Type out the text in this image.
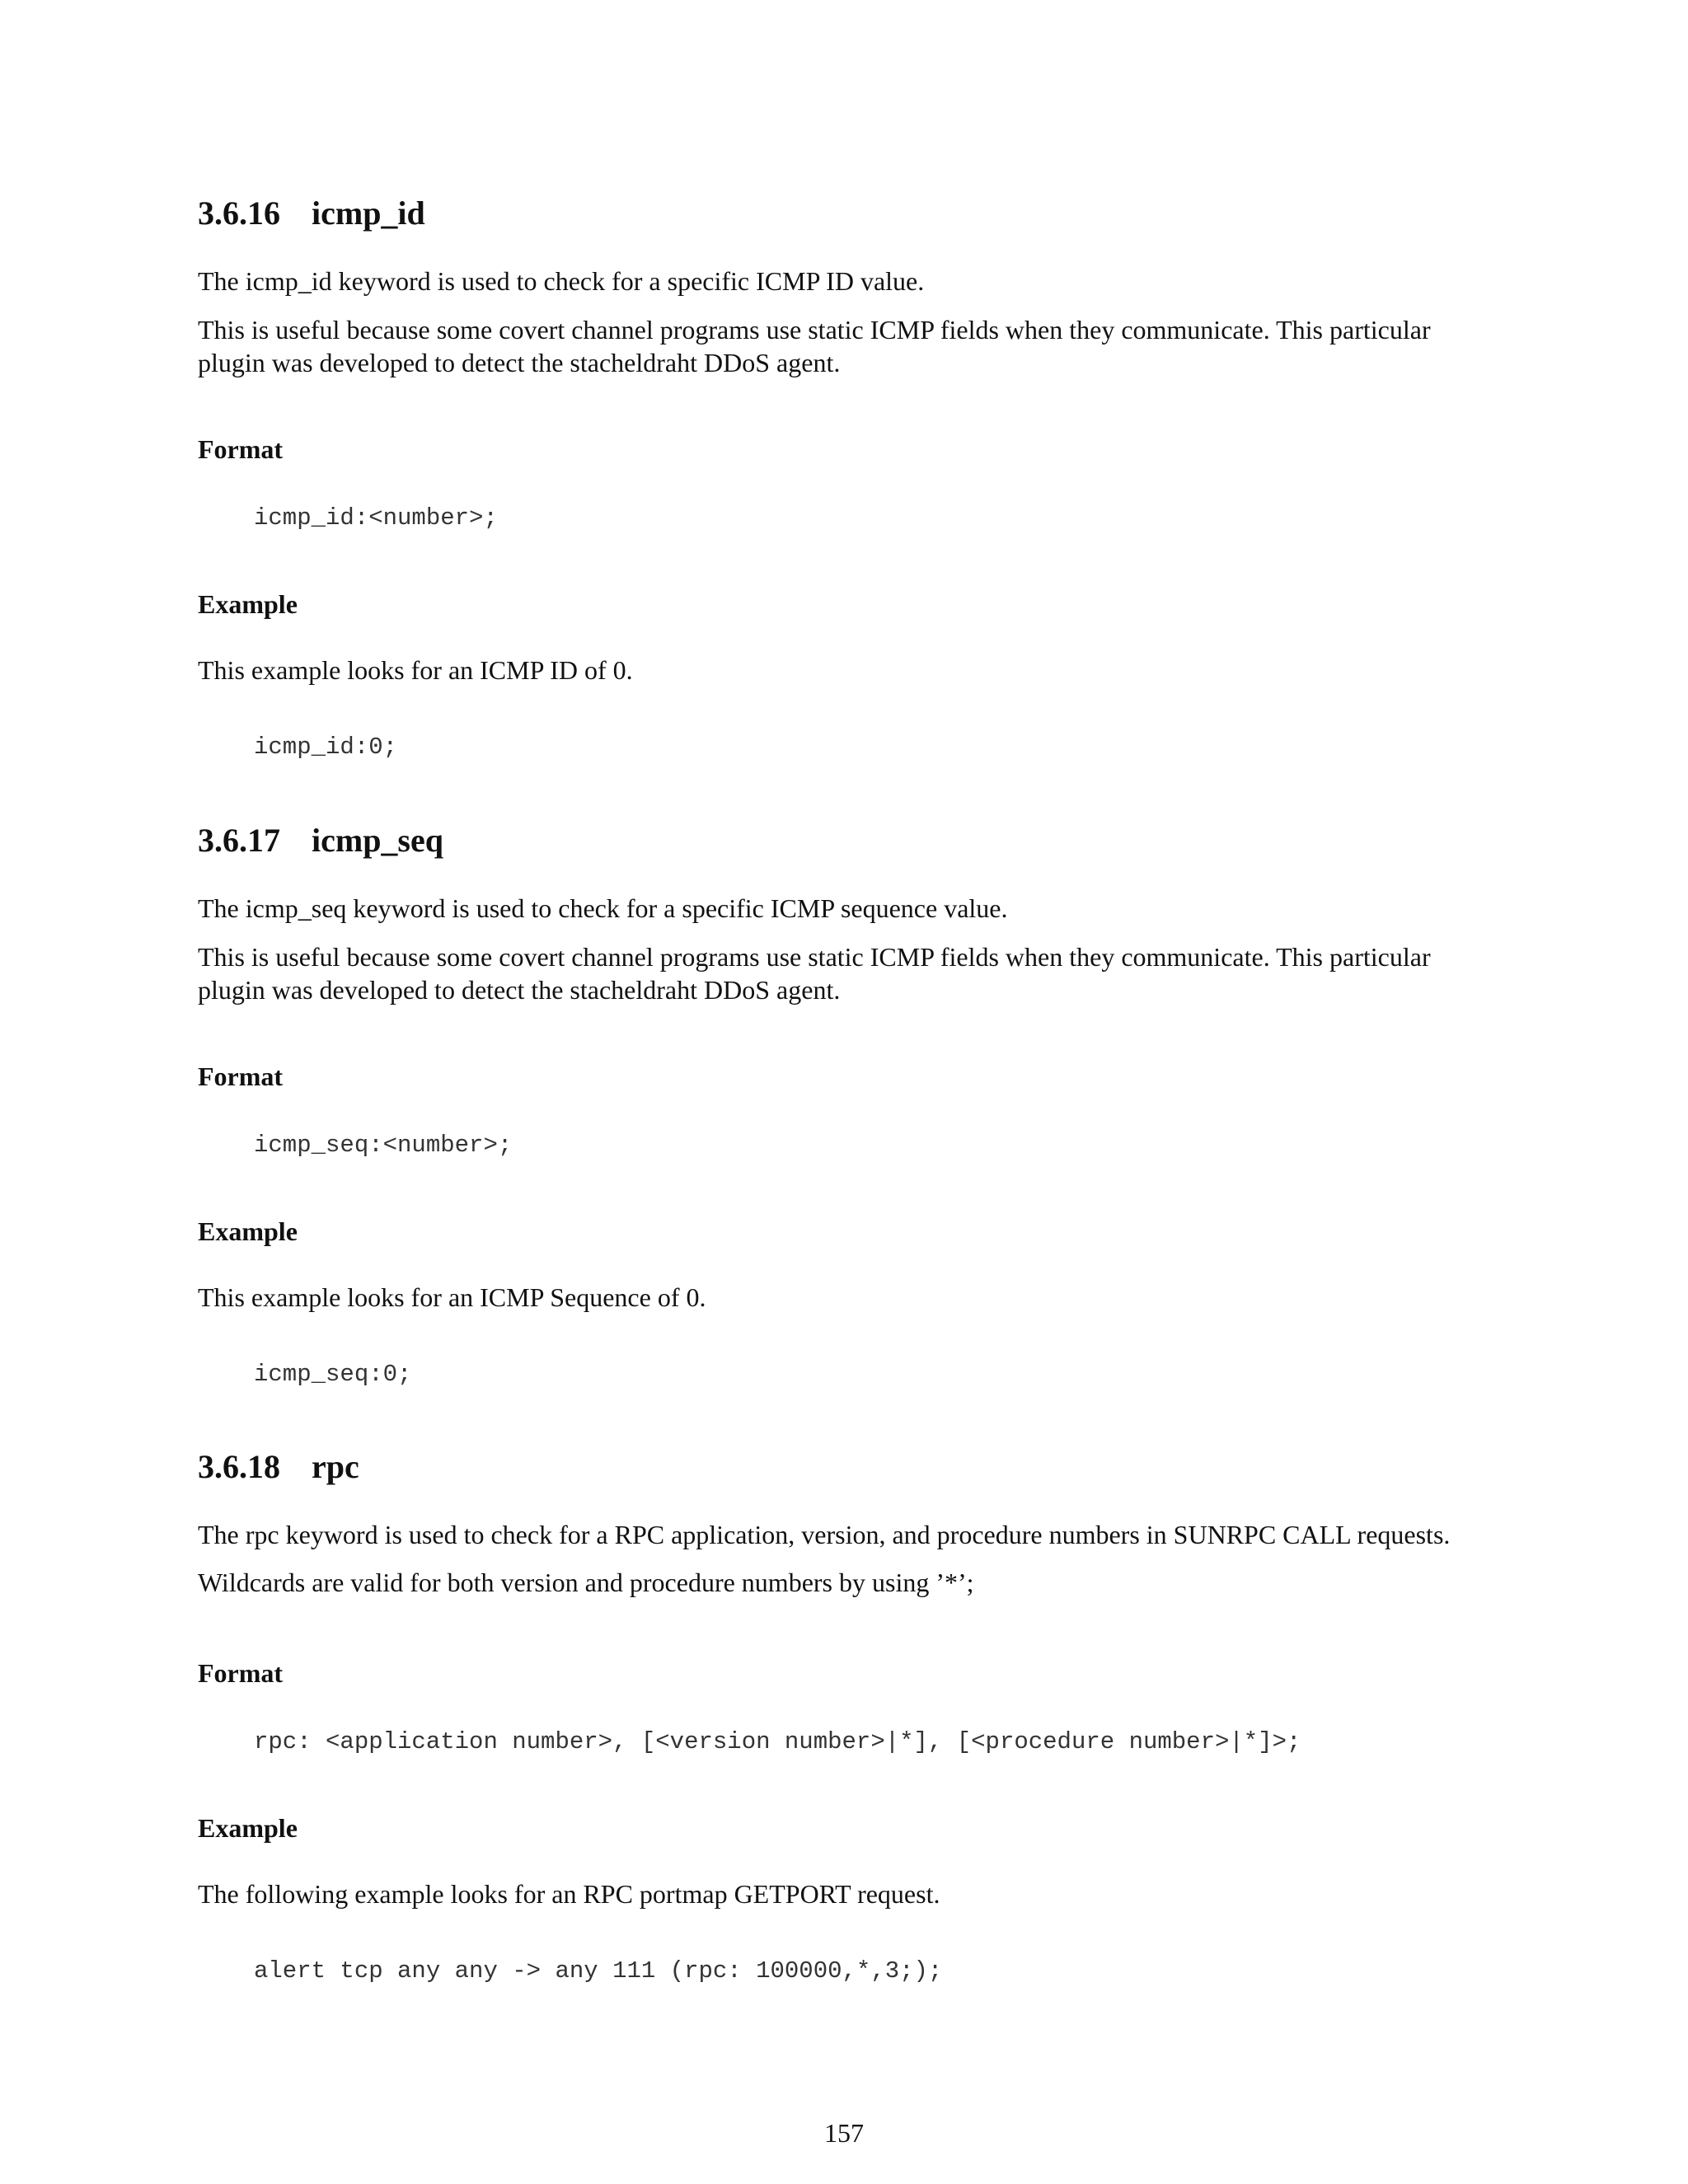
3.6.16 icmp_id

The icmp_id keyword is used to check for a specific ICMP ID value.

This is useful because some covert channel programs use static ICMP fields when they communicate. This particular plugin was developed to detect the stacheldraht DDoS agent.

Format
icmp_id:<number>;
Example

This example looks for an ICMP ID of 0.

icmp_id:0;
3.6.17 icmp_seq

The icmp_seq keyword is used to check for a specific ICMP sequence value.

This is useful because some covert channel programs use static ICMP fields when they communicate. This particular plugin was developed to detect the stacheldraht DDoS agent.

Format
icmp_seq:<number>;
Example

This example looks for an ICMP Sequence of 0.

icmp_seq:0;
3.6.18 rpc

The rpc keyword is used to check for a RPC application, version, and procedure numbers in SUNRPC CALL requests.

Wildcards are valid for both version and procedure numbers by using ’*’;

Format
rpc: <application number>, [<version number>|*], [<procedure number>|*]>;
Example

The following example looks for an RPC portmap GETPORT request.

alert tcp any any -> any 111 (rpc: 100000,*,3;);
157
